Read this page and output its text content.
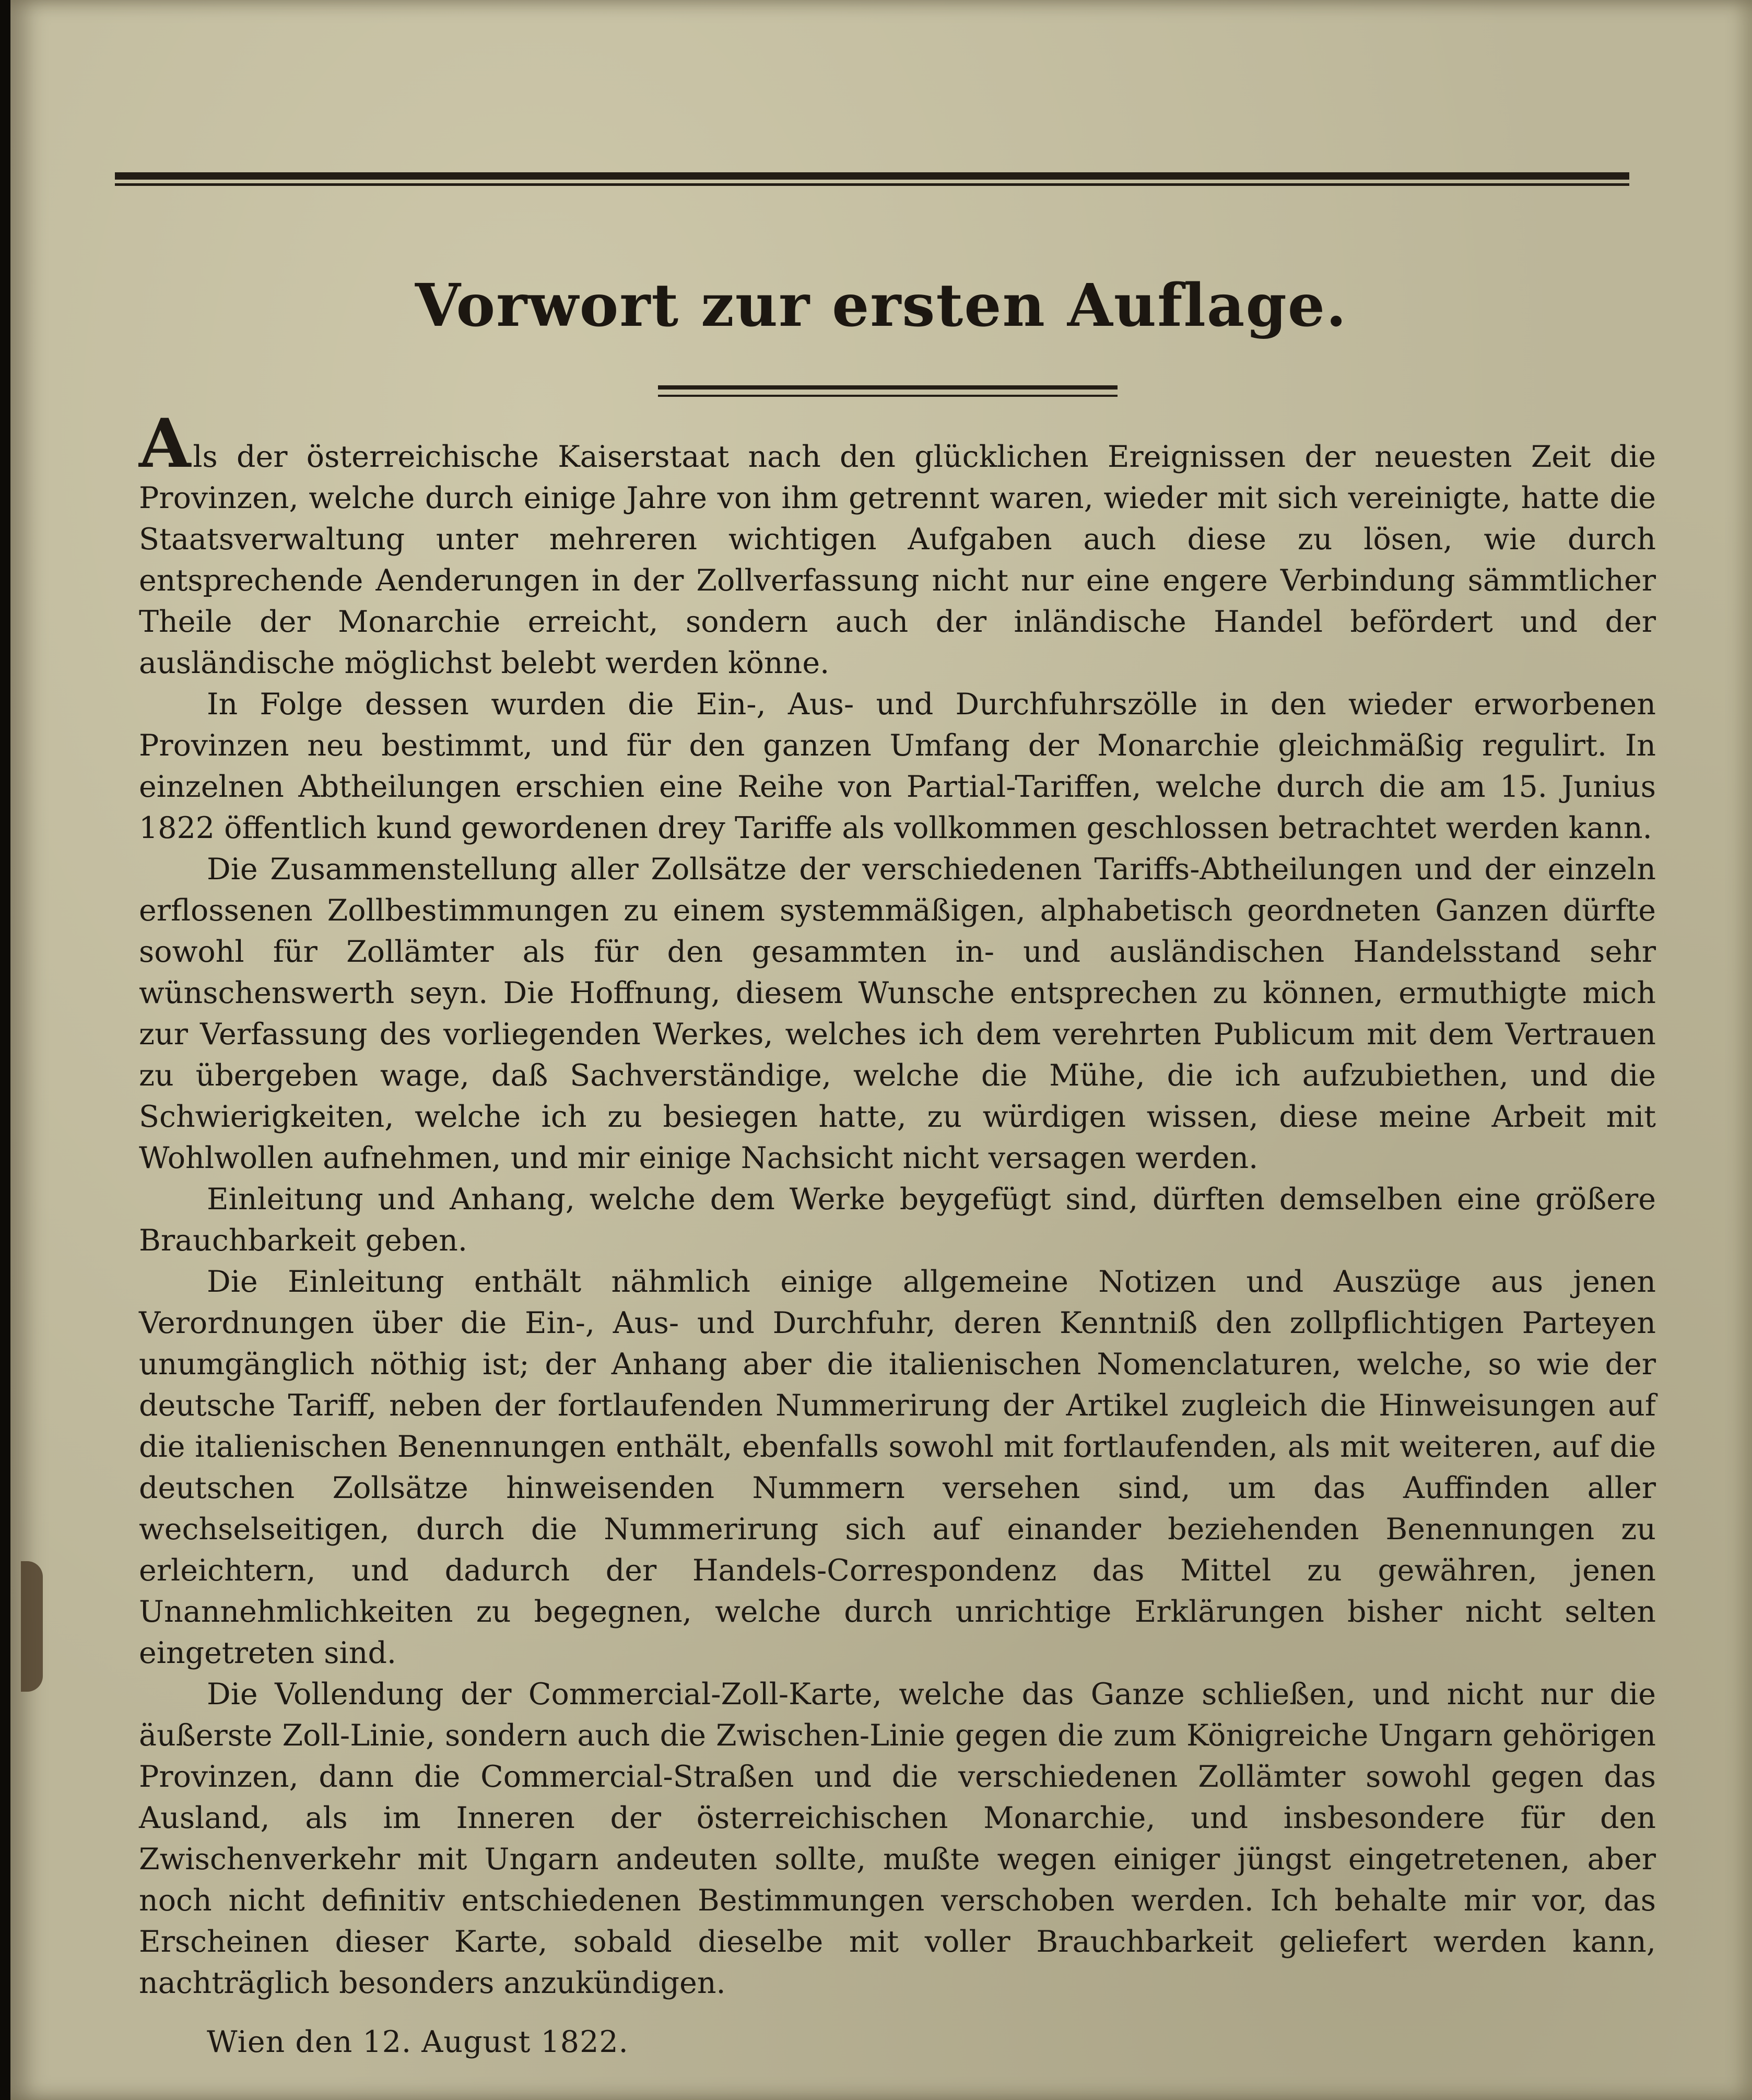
Vorwort zur ersten Auflage.

Als der österreichische Kaiserstaat nach den glücklichen Ereignissen der neuesten Zeit die Provinzen, welche durch einige Jahre von ihm getrennt waren, wieder mit sich vereinigte, hatte die Staatsverwaltung unter mehreren wichtigen Aufgaben auch diese zu lösen, wie durch entsprechende Aenderungen in der Zollverfassung nicht nur eine engere Verbindung sämmtlicher Theile der Monarchie erreicht, sondern auch der inländische Handel befördert und der ausländische möglichst belebt werden könne.

In Folge dessen wurden die Ein-, Aus- und Durchfuhrszölle in den wieder erworbenen Provinzen neu bestimmt, und für den ganzen Umfang der Monarchie gleichmäßig regulirt. In einzelnen Abtheilungen erschien eine Reihe von Partial-Tariffen, welche durch die am 15. Junius 1822 öffentlich kund gewordenen drey Tariffe als vollkommen geschlossen betrachtet werden kann.

Die Zusammenstellung aller Zollsätze der verschiedenen Tariffs-Abtheilungen und der einzeln erflossenen Zollbestimmungen zu einem systemmäßigen, alphabetisch geordneten Ganzen dürfte sowohl für Zollämter als für den gesammten in- und ausländischen Handelsstand sehr wünschenswerth seyn. Die Hoffnung, diesem Wunsche entsprechen zu können, ermuthigte mich zur Verfassung des vorliegenden Werkes, welches ich dem verehrten Publicum mit dem Vertrauen zu übergeben wage, daß Sachverständige, welche die Mühe, die ich aufzubiethen, und die Schwierigkeiten, welche ich zu besiegen hatte, zu würdigen wissen, diese meine Arbeit mit Wohlwollen aufnehmen, und mir einige Nachsicht nicht versagen werden.

Einleitung und Anhang, welche dem Werke beygefügt sind, dürften demselben eine größere Brauchbarkeit geben.

Die Einleitung enthält nähmlich einige allgemeine Notizen und Auszüge aus jenen Verordnungen über die Ein-, Aus- und Durchfuhr, deren Kenntniß den zollpflichtigen Parteyen unumgänglich nöthig ist; der Anhang aber die italienischen Nomenclaturen, welche, so wie der deutsche Tariff, neben der fortlaufenden Nummerirung der Artikel zugleich die Hinweisungen auf die italienischen Benennungen enthält, ebenfalls sowohl mit fortlaufenden, als mit weiteren, auf die deutschen Zollsätze hinweisenden Nummern versehen sind, um das Auffinden aller wechselseitigen, durch die Nummerirung sich auf einander beziehenden Benennungen zu erleichtern, und dadurch der Handels-Correspondenz das Mittel zu gewähren, jenen Unannehmlichkeiten zu begegnen, welche durch unrichtige Erklärungen bisher nicht selten eingetreten sind.

Die Vollendung der Commercial-Zoll-Karte, welche das Ganze schließen, und nicht nur die äußerste Zoll-Linie, sondern auch die Zwischen-Linie gegen die zum Königreiche Ungarn gehörigen Provinzen, dann die Commercial-Straßen und die verschiedenen Zollämter sowohl gegen das Ausland, als im Inneren der österreichischen Monarchie, und insbesondere für den Zwischenverkehr mit Ungarn andeuten sollte, mußte wegen einiger jüngst eingetretenen, aber noch nicht definitiv entschiedenen Bestimmungen verschoben werden. Ich behalte mir vor, das Erscheinen dieser Karte, sobald dieselbe mit voller Brauchbarkeit geliefert werden kann, nachträglich besonders anzukündigen.

Wien den 12. August 1822.
